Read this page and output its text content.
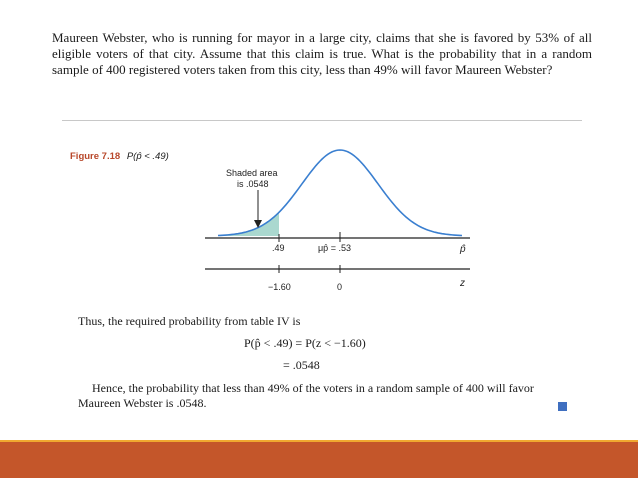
Maureen Webster, who is running for mayor in a large city, claims that she is favored by 53% of all eligible voters of that city. Assume that this claim is true. What is the probability that in a random sample of 400 registered voters taken from this city, less than 49% will favor Maureen Webster?
Figure 7.18 P(p̂ < .49)
Shaded area
is .0548
.49	μp̂ = .53	p̂
−1.60	0	z
Thus, the required probability from table IV is
P(p̂ < .49) = P(z < −1.60)
= .0548
Hence, the probability that less than 49% of the voters in a random sample of 400 will favor Maureen Webster is .0548.
